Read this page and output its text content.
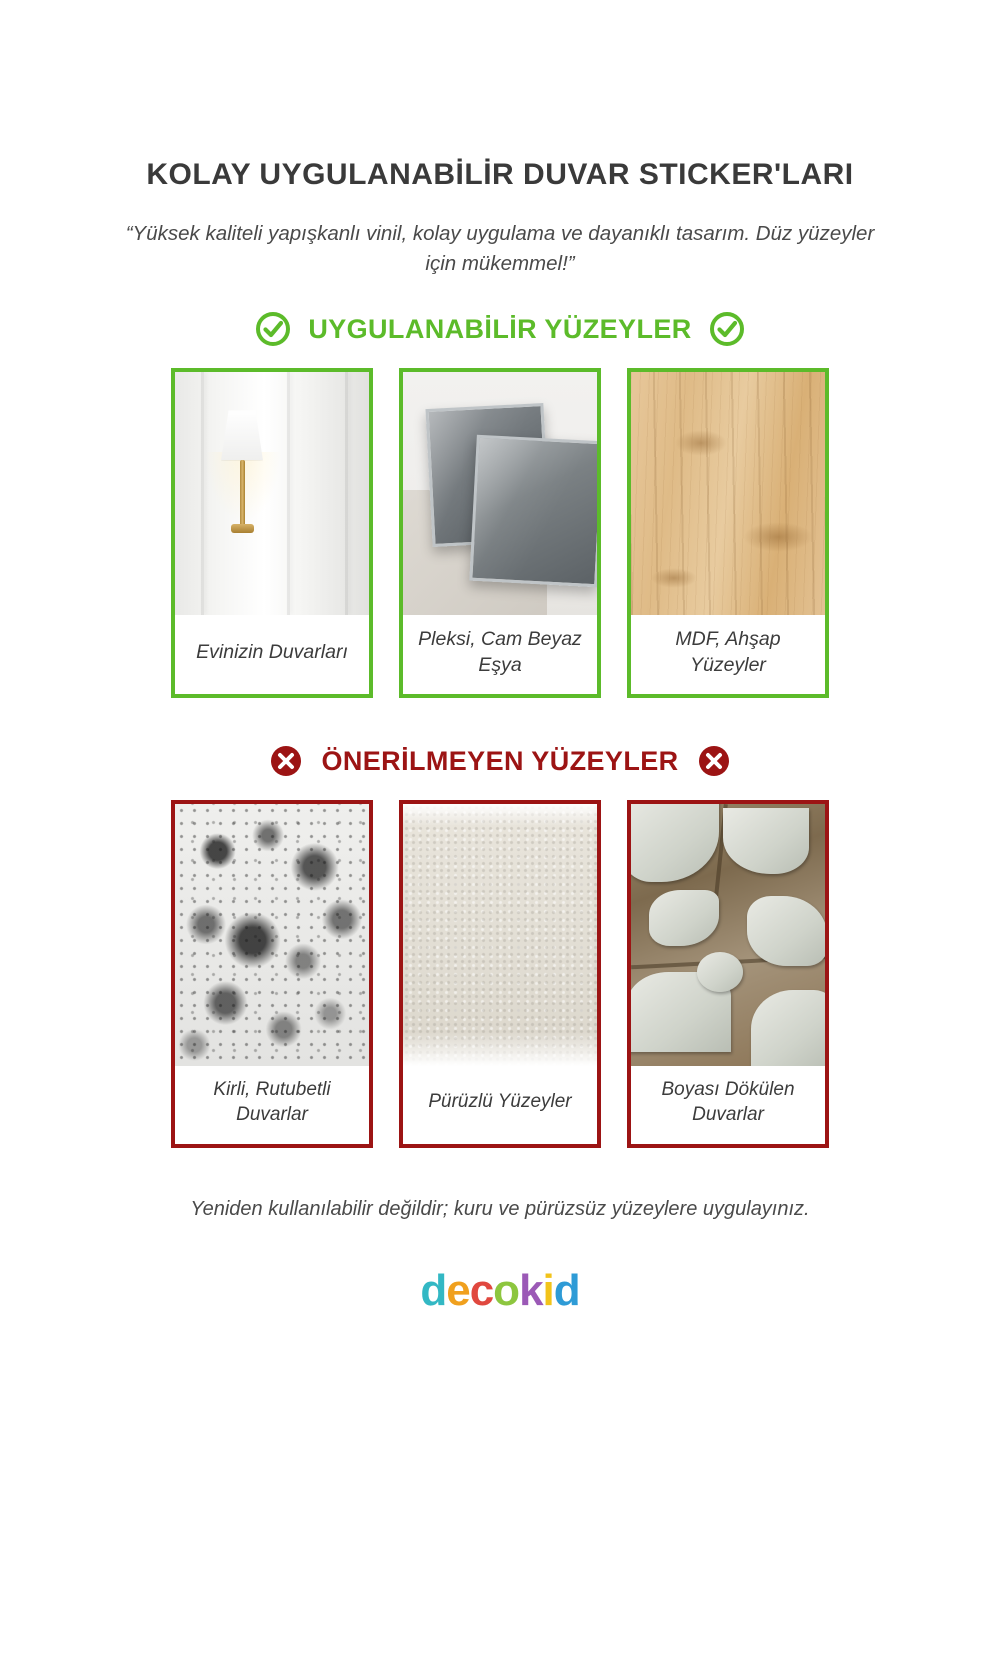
KOLAY UYGULANABİLİR DUVAR STICKER'LARI

“Yüksek kaliteli yapışkanlı vinil, kolay uygulama ve dayanıklı tasarım. Düz yüzeyler için mükemmel!”

UYGULANABİLİR YÜZEYLER
Evinizin Duvarları
Pleksi, Cam Beyaz Eşya
MDF, Ahşap Yüzeyler
ÖNERİLMEYEN YÜZEYLER
Kirli, Rutubetli Duvarlar
Pürüzlü Yüzeyler
Boyası Dökülen Duvarlar

Yeniden kullanılabilir değildir; kuru ve pürüzsüz yüzeylere uygulayınız.

decokid
